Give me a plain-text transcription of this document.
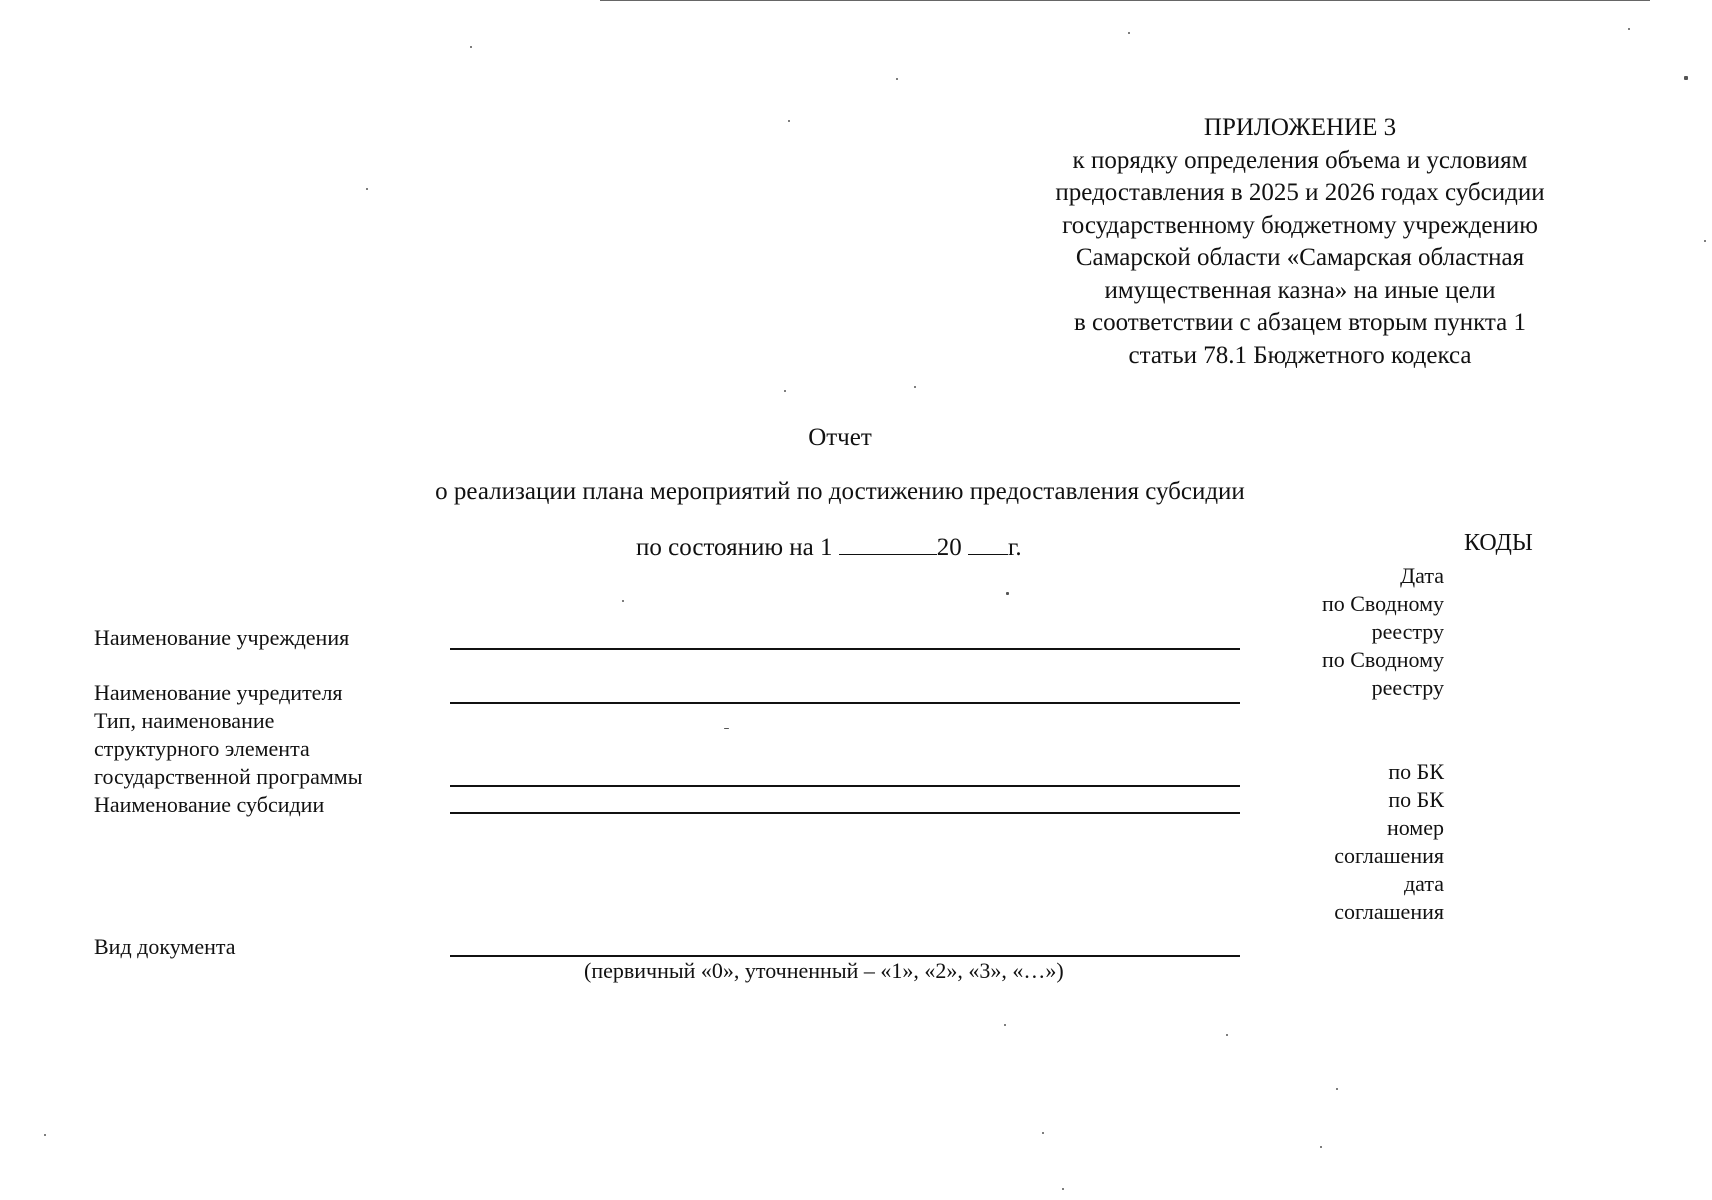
ПРИЛОЖЕНИЕ 3
к порядку определения объема и условиям
предоставления в 2025 и 2026 годах субсидии
государственному бюджетному учреждению
Самарской области «Самарская областная
имущественная казна» на иные цели
в соответствии с абзацем вторым пункта 1
статьи 78.1 Бюджетного кодекса
Отчет
о реализации плана мероприятий по достижению предоставления субсидии
по состоянию на 1	20 г.	КОДЫ
Дата
по Сводному
реестру
по Сводному
реестру

по БК
по БК
номер
соглашения
дата
соглашения
Наименование учреждения
Наименование учредителя
Тип, наименование
структурного элемента
государственной программы
Наименование субсидии
Вид документа
(первичный «0», уточненный – «1», «2», «3», «…»)
